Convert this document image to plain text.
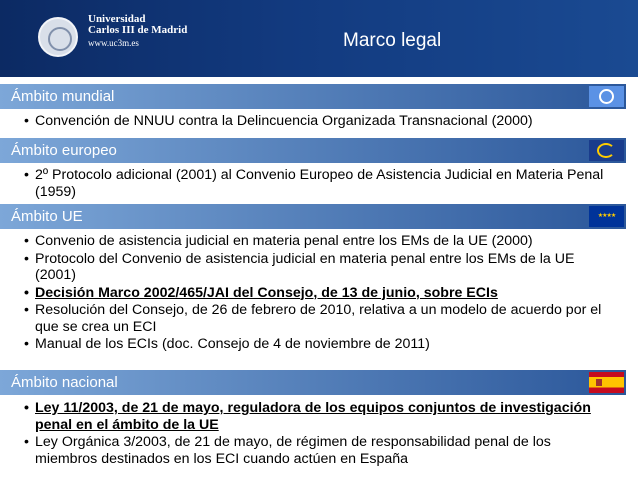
Universidad
Carlos III de Madrid
www.uc3m.es	Marco legal
Ámbito mundial
• Convención de NNUU contra la Delincuencia Organizada Transnacional (2000)
Ámbito europeo
• 2º Protocolo adicional (2001) al Convenio Europeo de Asistencia Judicial en Materia Penal (1959)
Ámbito UE	★★★★
• Convenio de asistencia judicial en materia penal entre los EMs de la UE (2000)
• Protocolo del Convenio de asistencia judicial en materia penal entre los EMs de la UE (2001)
• Decisión Marco 2002/465/JAI del Consejo, de 13 de junio, sobre ECIs
• Resolución del Consejo, de 26 de febrero de 2010, relativa a un modelo de acuerdo por el que se crea un ECI
• Manual de los ECIs (doc. Consejo de 4 de noviembre de 2011)
Ámbito nacional
• Ley 11/2003, de 21 de mayo, reguladora de los equipos conjuntos de investigación penal en el ámbito de la UE
• Ley Orgánica 3/2003, de 21 de mayo, de régimen de responsabilidad penal de los miembros destinados en los ECI cuando actúen en España
